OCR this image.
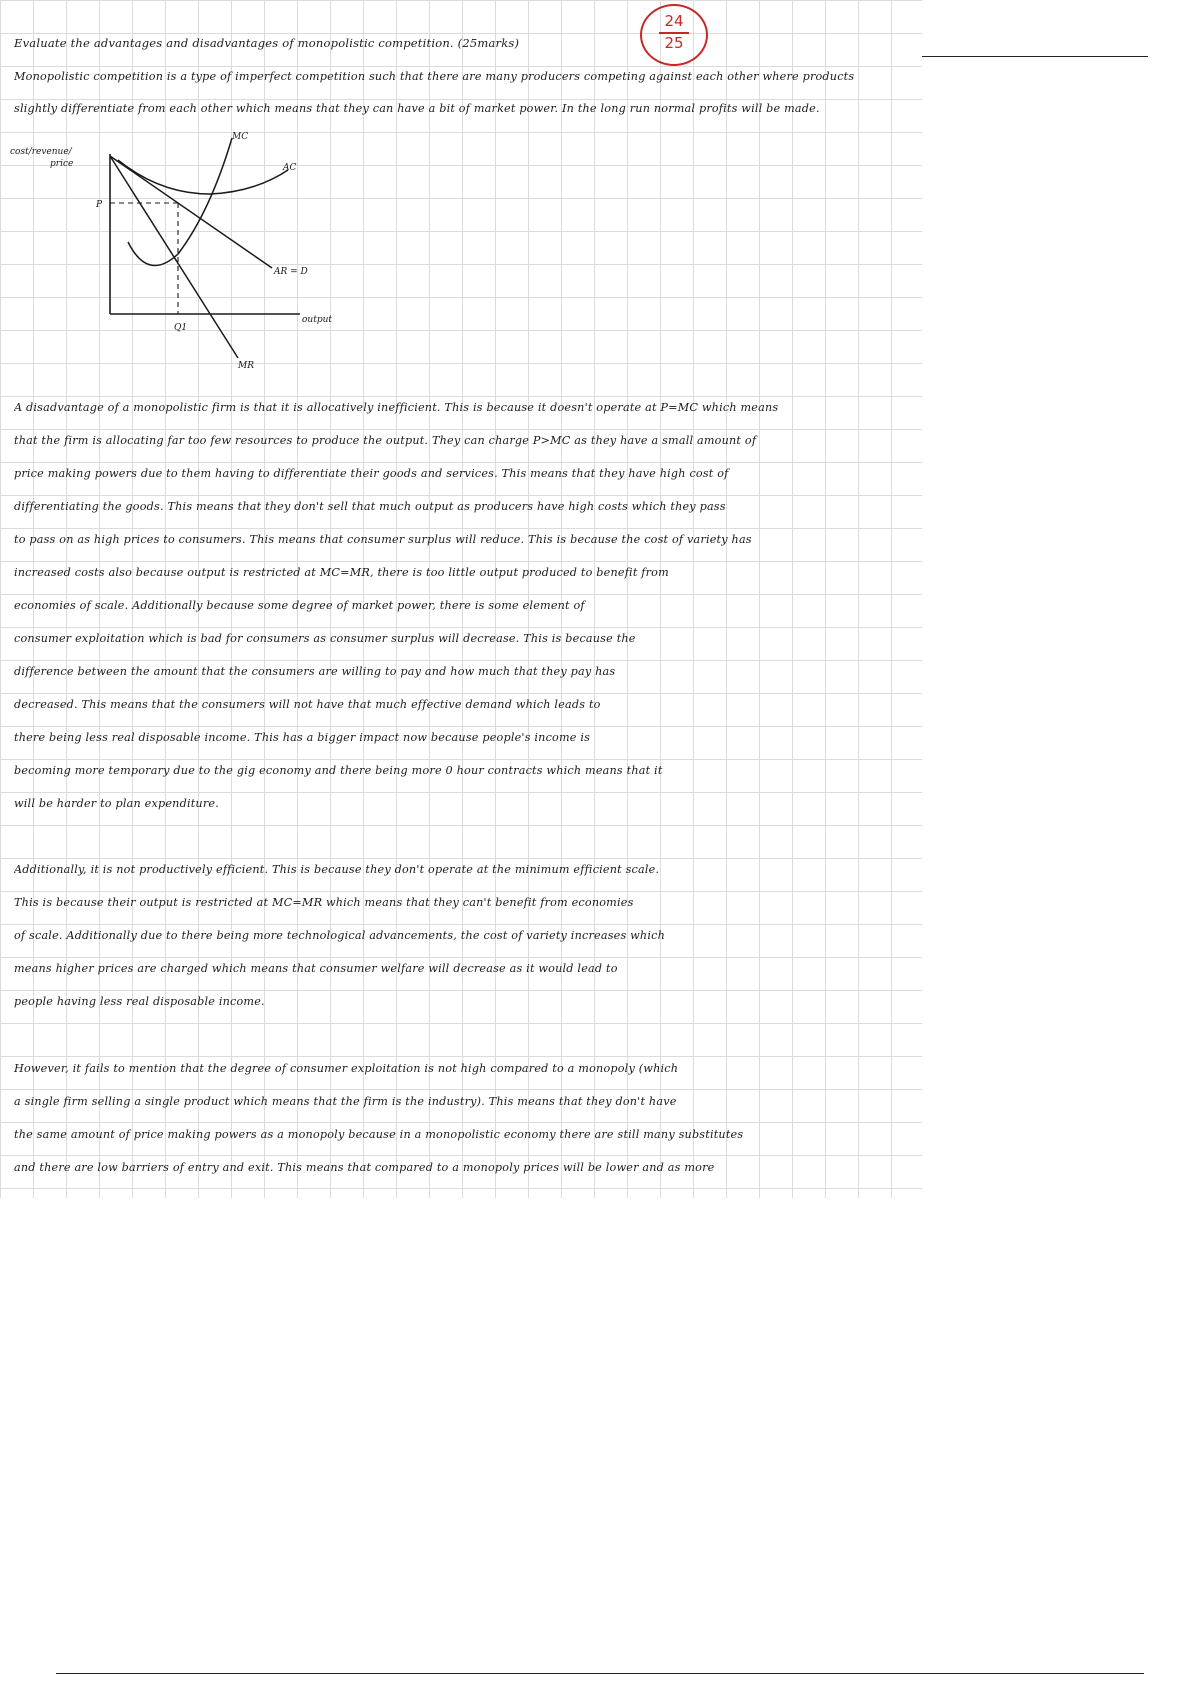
24
25
Evaluate the advantages and disadvantages of monopolistic competition. (25marks)
Monopolistic competition is a type of imperfect competition such that there are many producers competing against each other where products
slightly differentiate from each other which means that they can have a bit of market power. In the long run normal profits will be made.
cost/revenue/
price
output
MC
AC
AR = D
MR
P
Q1
A disadvantage of a monopolistic firm is that it is allocatively inefficient. This is because it doesn't operate at P=MC which means
that the firm is allocating far too few resources to produce the output. They can charge P>MC as they have a small amount of
price making powers due to them having to differentiate their goods and services. This means that they have high cost of
differentiating the goods. This means that they don't sell that much output as producers have high costs which they pass
to pass on as high prices to consumers. This means that consumer surplus will reduce. This is because the cost of variety has
increased costs also because output is restricted at MC=MR, there is too little output produced to benefit from
economies of scale. Additionally because some degree of market power, there is some element of
consumer exploitation which is bad for consumers as consumer surplus will decrease. This is because the
difference between the amount that the consumers are willing to pay and how much that they pay has
decreased. This means that the consumers will not have that much effective demand which leads to
there being less real disposable income. This has a bigger impact now because people's income is
becoming more temporary due to the gig economy and there being more 0 hour contracts which means that it
will be harder to plan expenditure.
Additionally, it is not productively efficient. This is because they don't operate at the minimum efficient scale.
This is because their output is restricted at MC=MR which means that they can't benefit from economies
of scale. Additionally due to there being more technological advancements, the cost of variety increases which
means higher prices are charged which means that consumer welfare will decrease as it would lead to
people having less real disposable income.
However, it fails to mention that the degree of consumer exploitation is not high compared to a monopoly (which
a single firm selling a single product which means that the firm is the industry). This means that they don't have
the same amount of price making powers as a monopoly because in a monopolistic economy there are still many substitutes
and there are low barriers of entry and exit. This means that compared to a monopoly prices will be lower and as more
